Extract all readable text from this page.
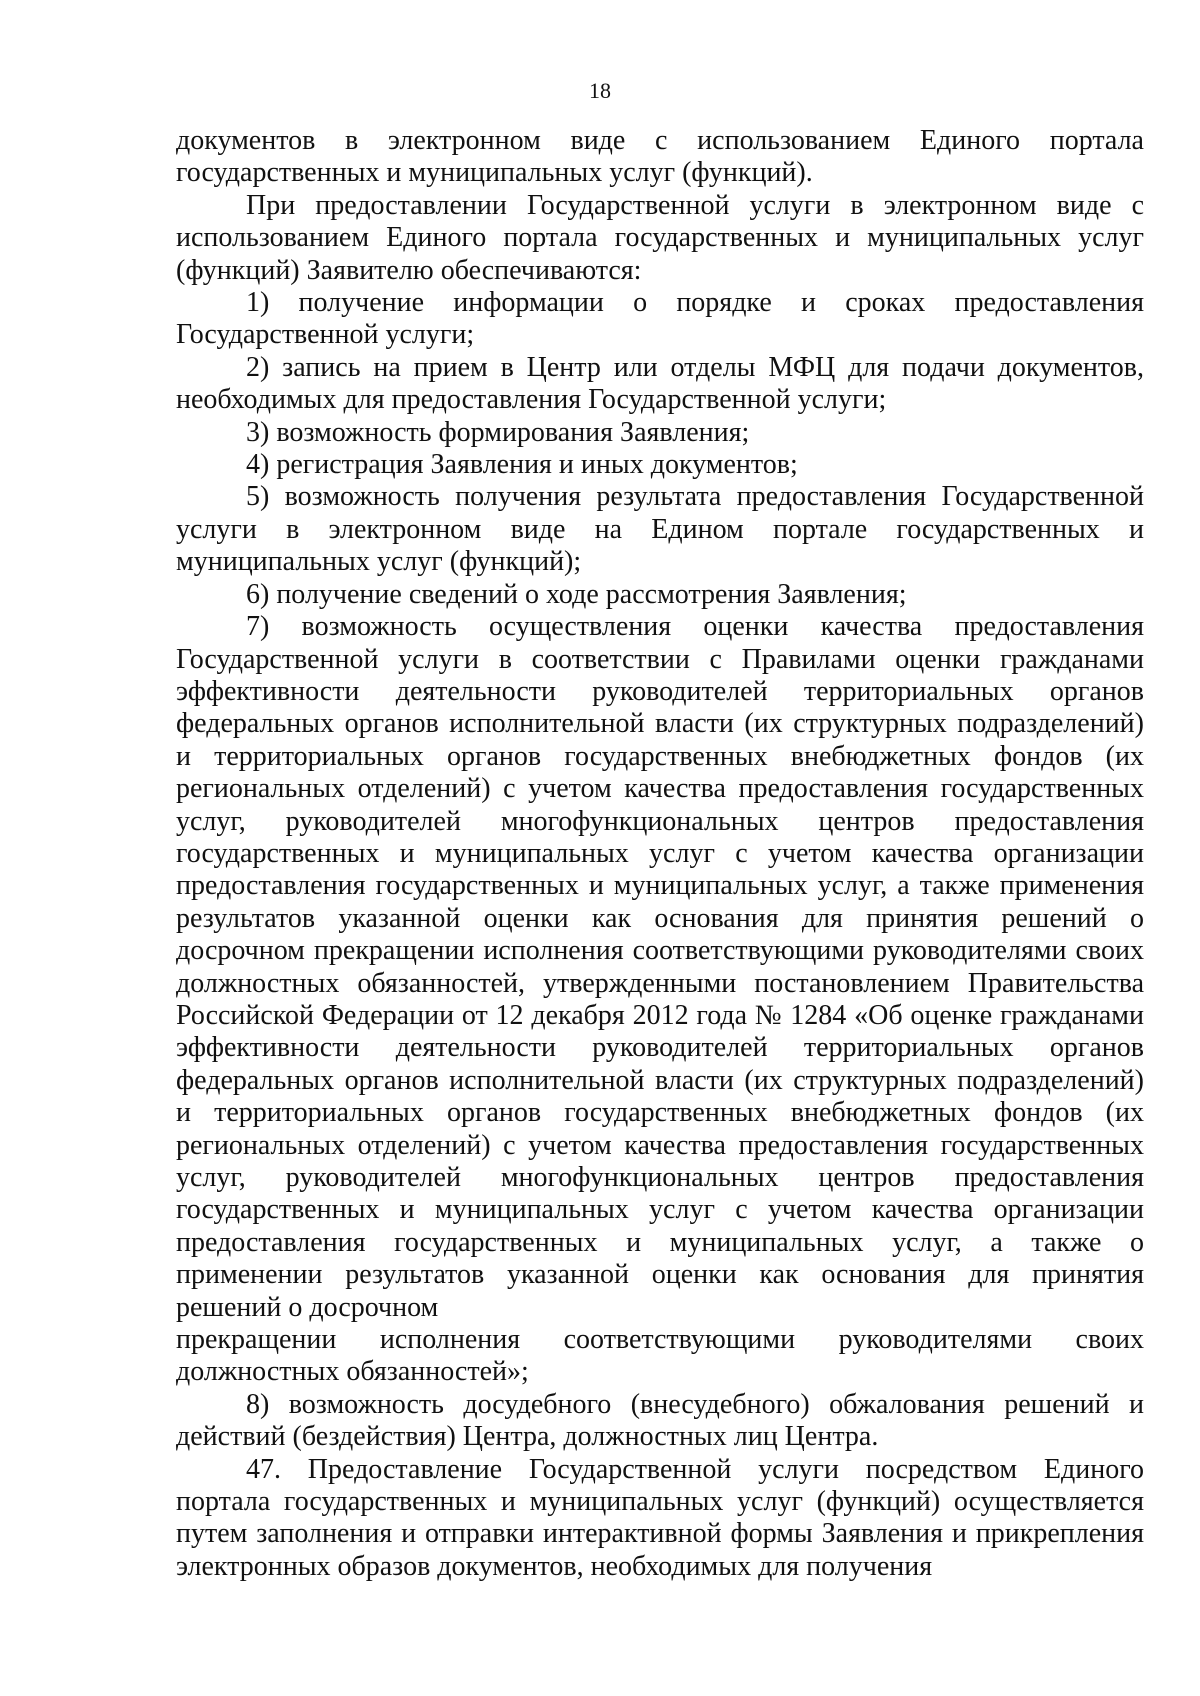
18

документов в электронном виде с использованием Единого портала государственных и муниципальных услуг (функций).

При предоставлении Государственной услуги в электронном виде с использованием Единого портала государственных и муниципальных услуг (функций) Заявителю обеспечиваются:

1) получение информации о порядке и сроках предоставления Государственной услуги;

2) запись на прием в Центр или отделы МФЦ для подачи документов, необходимых для предоставления Государственной услуги;

3) возможность формирования Заявления;

4) регистрация Заявления и иных документов;

5) возможность получения результата предоставления Государственной услуги в электронном виде на Едином портале государственных и муниципальных услуг (функций);

6) получение сведений о ходе рассмотрения Заявления;

7) возможность осуществления оценки качества предоставления Государственной услуги в соответствии с Правилами оценки гражданами эффективности деятельности руководителей территориальных органов федеральных органов исполнительной власти (их структурных подразделений) и территориальных органов государственных внебюджетных фондов (их региональных отделений) с учетом качества предоставления государственных услуг, руководителей многофункциональных центров предоставления государственных и муниципальных услуг с учетом качества организации предоставления государственных и муниципальных услуг, а также применения результатов указанной оценки как основания для принятия решений о досрочном прекращении исполнения соответствующими руководителями своих должностных обязанностей, утвержденными постановлением Правительства Российской Федерации от 12 декабря 2012 года № 1284 «Об оценке гражданами эффективности деятельности руководителей территориальных органов федеральных органов исполнительной власти (их структурных подразделений) и территориальных органов государственных внебюджетных фондов (их региональных отделений) с учетом качества предоставления государственных услуг, руководителей многофункциональных центров предоставления государственных и муниципальных услуг с учетом качества организации предоставления государственных и муниципальных услуг, а также о применении результатов указанной оценки как основания для принятия решений о досрочном

прекращении исполнения соответствующими руководителями своих должностных обязанностей»;

8) возможность досудебного (внесудебного) обжалования решений и действий (бездействия) Центра, должностных лиц Центра.

47. Предоставление Государственной услуги посредством Единого портала государственных и муниципальных услуг (функций) осуществляется путем заполнения и отправки интерактивной формы Заявления и прикрепления электронных образов документов, необходимых для получения
